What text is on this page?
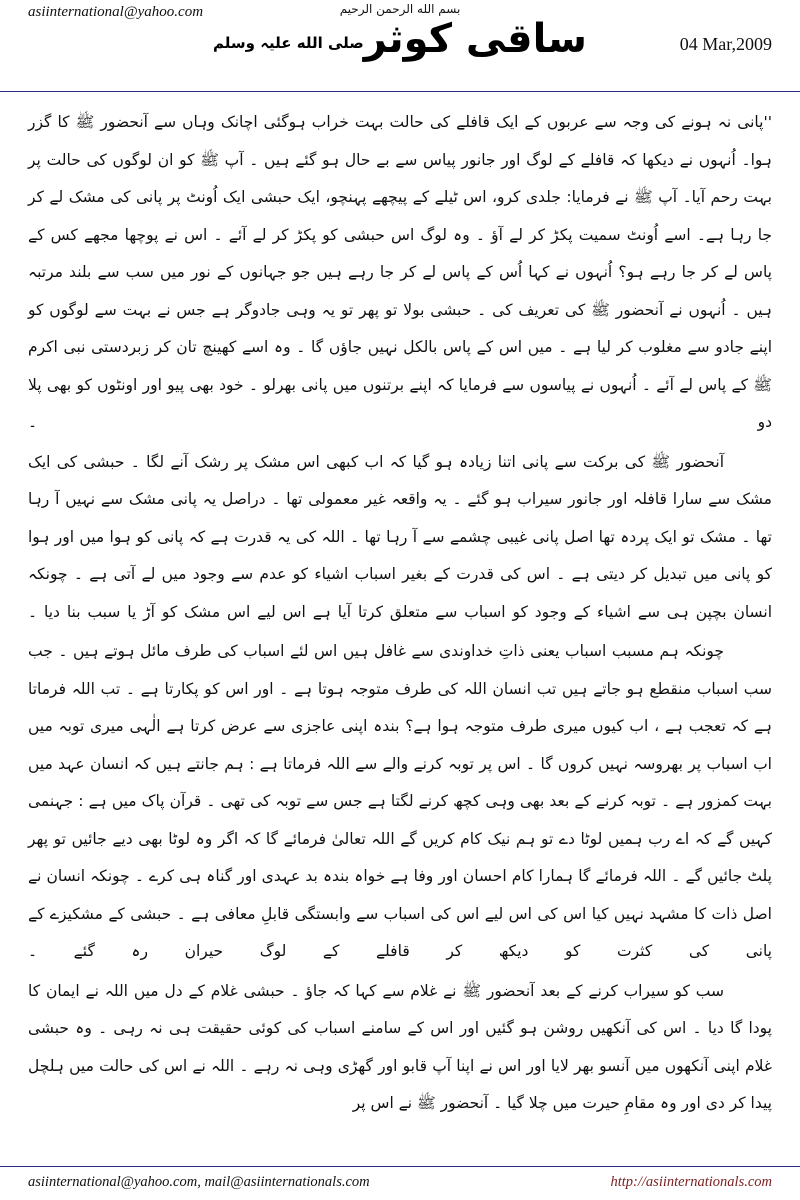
asiinternational@yahoo.com	بسم الله الرحمن الرحیم
ساقی کوثرصلی الله علیہ وسلم	04 Mar,2009

''پانی نہ ہونے کی وجہ سے عربوں کے ایک قافلے کی حالت بہت خراب ہوگئی اچانک وہاں سے آنحضور ﷺ کا گزر ہوا۔ اُنہوں نے دیکھا کہ قافلے کے لوگ اور جانور پیاس سے بے حال ہو گئے ہیں ۔ آپ ﷺ کو ان لوگوں کی حالت پر بہت رحم آیا۔ آپ ﷺ نے فرمایا: جلدی کرو، اس ٹیلے کے پیچھے پہنچو، ایک حبشی ایک اُونٹ پر پانی کی مشک لے کر جا رہا ہے۔ اسے اُونٹ سمیت پکڑ کر لے آؤ ۔ وہ لوگ اس حبشی کو پکڑ کر لے آئے ۔ اس نے پوچھا مجھے کس کے پاس لے کر جا رہے ہو؟ اُنہوں نے کہا اُس کے پاس لے کر جا رہے ہیں جو جہانوں کے نور میں سب سے بلند مرتبہ ہیں ۔ اُنہوں نے آنحضور ﷺ کی تعریف کی ۔ حبشی بولا تو پھر تو یہ وہی جادوگر ہے جس نے بہت سے لوگوں کو اپنے جادو سے مغلوب کر لیا ہے ۔ میں اس کے پاس بالکل نہیں جاؤں گا ۔ وہ اسے کھینچ تان کر زبردستی نبی اکرم ﷺ کے پاس لے آئے ۔ اُنہوں نے پیاسوں سے فرمایا کہ اپنے برتنوں میں پانی بھرلو ۔ خود بھی پیو اور اونٹوں کو بھی پلا دو ۔

آنحضور ﷺ کی برکت سے پانی اتنا زیادہ ہو گیا کہ اب کبھی اس مشک پر رشک آنے لگا ۔ حبشی کی ایک مشک سے سارا قافلہ اور جانور سیراب ہو گئے ۔ یہ واقعہ غیر معمولی تھا ۔ دراصل یہ پانی مشک سے نہیں آ رہا تھا ۔ مشک تو ایک پردہ تھا اصل پانی غیبی چشمے سے آ رہا تھا ۔ اللہ کی یہ قدرت ہے کہ پانی کو ہوا میں اور ہوا کو پانی میں تبدیل کر دیتی ہے ۔ اس کی قدرت کے بغیر اسباب اشیاء کو عدم سے وجود میں لے آتی ہے ۔ چونکہ انسان بچپن ہی سے اشیاء کے وجود کو اسباب سے متعلق کرتا آیا ہے اس لیے اس مشک کو آڑ یا سبب بنا دیا ۔

چونکہ ہم مسبب اسباب یعنی ذاتِ خداوندی سے غافل ہیں اس لئے اسباب کی طرف مائل ہوتے ہیں ۔ جب سب اسباب منقطع ہو جاتے ہیں تب انسان اللہ کی طرف متوجہ ہوتا ہے ۔ اور اس کو پکارتا ہے ۔ تب اللہ فرماتا ہے کہ تعجب ہے ، اب کیوں میری طرف متوجہ ہوا ہے؟ بندہ اپنی عاجزی سے عرض کرتا ہے الٰہی میری توبہ میں اب اسباب پر بھروسہ نہیں کروں گا ۔ اس پر توبہ کرنے والے سے اللہ فرماتا ہے : ہم جانتے ہیں کہ انسان عہد میں بہت کمزور ہے ۔ توبہ کرنے کے بعد بھی وہی کچھ کرنے لگتا ہے جس سے توبہ کی تھی ۔ قرآن پاک میں ہے : جہنمی کہیں گے کہ اے رب ہمیں لوٹا دے تو ہم نیک کام کریں گے اللہ تعالیٰ فرمائے گا کہ اگر وہ لوٹا بھی دیے جائیں تو پھر پلٹ جائیں گے ۔ اللہ فرمائے گا ہمارا کام احسان اور وفا ہے خواہ بندہ بد عہدی اور گناہ ہی کرے ۔ چونکہ انسان نے اصل ذات کا مشہد نہیں کیا اس کی اس لیے اس کی اسباب سے وابستگی قابلِ معافی ہے ۔ حبشی کے مشکیزے کے پانی کی کثرت کو دیکھ کر قافلے کے لوگ حیران رہ گئے ۔

سب کو سیراب کرنے کے بعد آنحضور ﷺ نے غلام سے کہا کہ جاؤ ۔ حبشی غلام کے دل میں اللہ نے ایمان کا پودا گا دیا ۔ اس کی آنکھیں روشن ہو گئیں اور اس کے سامنے اسباب کی کوئی حقیقت ہی نہ رہی ۔ وہ حبشی غلام اپنی آنکھوں میں آنسو بھر لایا اور اس نے اپنا آپ قابو اور گھڑی وہی نہ رہے ۔ اللہ نے اس کی حالت میں ہلچل پیدا کر دی اور وہ مقامِ حیرت میں چلا گیا ۔ آنحضور ﷺ نے اس پر

asiinternational@yahoo.com, mail@asiinternationals.com	http://asiinternationals.com
